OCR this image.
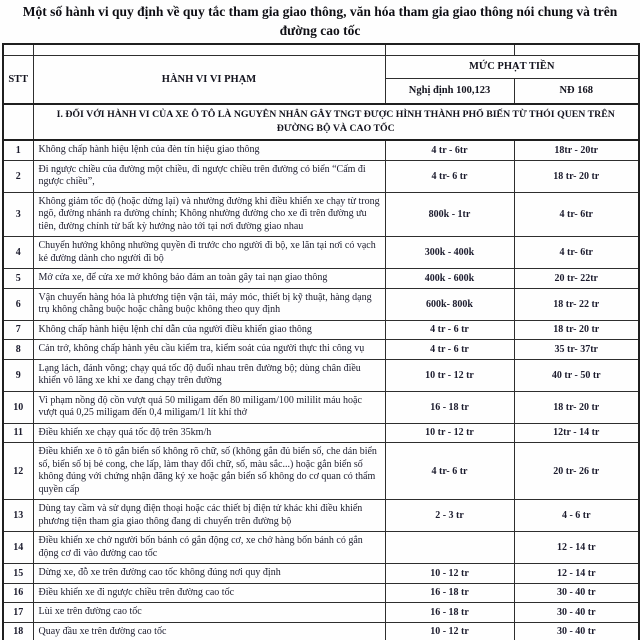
Một số hành vi quy định về quy tắc tham gia giao thông, văn hóa tham gia giao thông nói chung và trên đường cao tốc

STT	HÀNH VI VI PHẠM	MỨC PHẠT TIỀN	
		Nghị định 100,123	NĐ 168
	I. ĐỐI VỚI HÀNH VI CỦA XE Ô TÔ LÀ NGUYÊN NHÂN GÂY TNGT ĐƯỢC HÌNH THÀNH PHỔ BIẾN TỪ THÓI QUEN TRÊN ĐƯỜNG BỘ VÀ CAO TỐC		
1	Không chấp hành hiệu lệnh của đèn tín hiệu giao thông	4 tr - 6tr	18tr - 20tr
2	Đi ngược chiều của đường một chiều, đi ngược chiều trên đường có biển “Cấm đi ngược chiều”,	4 tr- 6 tr	18 tr- 20 tr
3	Không giảm tốc độ (hoặc dừng lại) và nhường đường khi điều khiển xe chạy từ trong ngõ, đường nhánh ra đường chính; Không nhường đường cho xe đi trên đường ưu tiên, đường chính từ bất kỳ hướng nào tới tại nơi đường giao nhau	800k - 1tr	4 tr- 6tr
4	Chuyển hướng không nhường quyền đi trước cho người đi bộ, xe lăn tại nơi có vạch kẻ đường dành cho người đi bộ	300k - 400k	4 tr- 6tr
5	Mở cửa xe, để cửa xe mở không bảo đảm an toàn gây tai nạn giao thông	400k - 600k	20 tr- 22tr
6	Vận chuyển hàng hóa là phương tiện vận tải, máy móc, thiết bị kỹ thuật, hàng dạng trụ không chằng buộc hoặc chằng buộc không theo quy định	600k- 800k	18 tr- 22 tr
7	Không chấp hành hiệu lệnh chỉ dẫn của người điều khiển giao thông	4 tr - 6 tr	18 tr- 20 tr
8	Cản trở, không chấp hành yêu cầu kiểm tra, kiểm soát của người thực thi công vụ	4 tr - 6 tr	35 tr- 37tr
9	Lạng lách, đánh võng; chạy quá tốc độ đuổi nhau trên đường bộ; dùng chân điều khiển vô lăng xe khi xe đang chạy trên đường	10 tr - 12 tr	40 tr - 50 tr
10	Vi phạm nồng độ cồn vượt quá 50 miligam đến 80 miligam/100 mililit máu hoặc vượt quá 0,25 miligam đến 0,4 miligam/1 lít khí thở	16 - 18 tr	18 tr- 20 tr
11	Điều khiển xe chạy quá tốc độ trên 35km/h	10 tr - 12 tr	12tr - 14 tr
12	Điều khiển xe ô tô gắn biển số không rõ chữ, số (không gắn đủ biển số, che dán biển số, biển số bị bẻ cong, che lấp, làm thay đổi chữ, số, màu sắc...) hoặc gắn biển số không đúng với chứng nhận đăng ký xe hoặc gắn biển số không do cơ quan có thẩm quyền cấp	4 tr- 6 tr	20 tr- 26 tr
13	Dùng tay cầm và sử dụng điện thoại hoặc các thiết bị điện tử khác khi điều khiển phương tiện tham gia giao thông đang di chuyển trên đường bộ	2 - 3 tr	4 - 6 tr
14	Điều khiển xe chở người bốn bánh có gắn động cơ, xe chở hàng bốn bánh có gắn động cơ đi vào đường cao tốc		12 - 14 tr
15	Dừng xe, đỗ xe trên đường cao tốc không đúng nơi quy định	10 - 12 tr	12 - 14 tr
16	Điều khiển xe đi ngược chiều trên đường cao tốc	16 - 18 tr	30 - 40 tr
17	Lùi xe trên đường cao tốc	16 - 18 tr	30 - 40 tr
18	Quay đầu xe trên đường cao tốc	10 - 12 tr	30 - 40 tr
